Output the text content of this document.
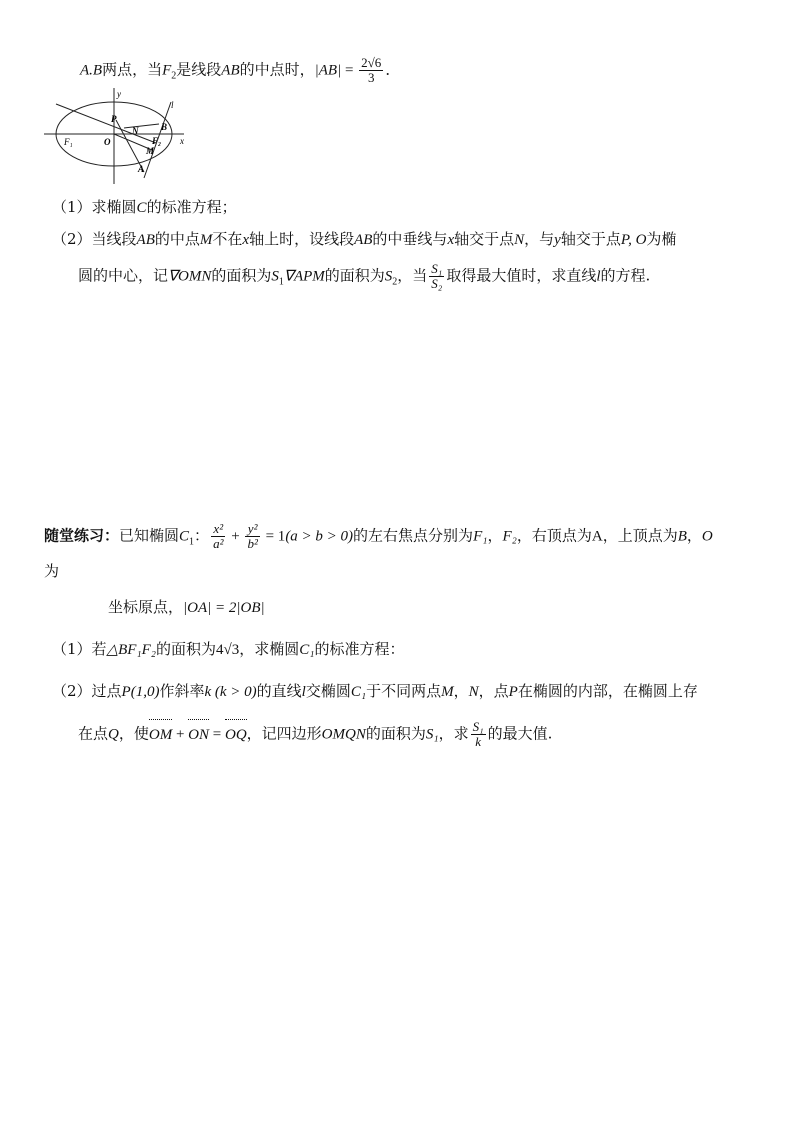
A.B两点，当$F_2$是线段AB的中点时，$|AB| = \frac{2√6}{3}$ ．
y
x
l
P
N	B
F₁	O	F₂
M
A
（1）求椭圆C的标准方程；
（2）当线段AB的中点M不在x轴上时，设线段AB的中垂线与x轴交于点N，与y轴交于点P, O为椭
圆的中心，记∇OMN的面积为$S_1\nabla APM$的面积为$S_2$，当 $\frac{\text{S₁}}{\text{S₂}}$ 取得最大值时，求直线l的方程.
随堂练习：已知椭圆$C_1$： $\frac{\text{x²}}{\text{a²}} + \frac{\text{y²}}{\text{b²}} = 1(a > b > 0)$的左右焦点分别为F₁，F₂，右顶点为A，上顶点为B，O
为
坐标原点，|OA| = 2|OB|
（1）若△BF₁F₂的面积为4√3，求椭圆C₁的标准方程：
（2）过点P(1,0)作斜率k (k > 0)的直线l交椭圆C₁于不同两点M，N，点P在椭圆的内部，在椭圆上存
在点Q，使
OM +
ON =
OQ，记四边形OMQN的面积为S₁，求 $\frac{\text{S₁}}{k}$ 的最大值.
